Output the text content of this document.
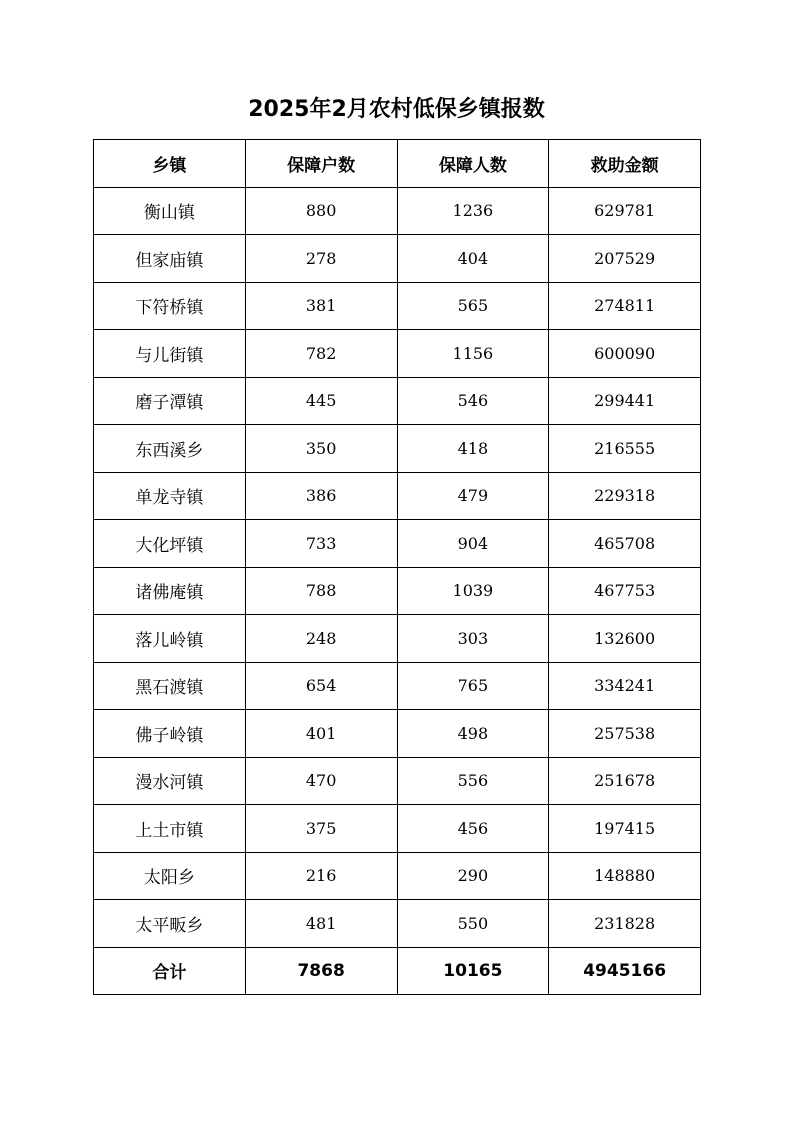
2025年2月农村低保乡镇报数
乡镇	保障户数	保障人数	救助金额
衡山镇	880	1236	629781
但家庙镇	278	404	207529
下符桥镇	381	565	274811
与儿街镇	782	1156	600090
磨子潭镇	445	546	299441
东西溪乡	350	418	216555
单龙寺镇	386	479	229318
大化坪镇	733	904	465708
诸佛庵镇	788	1039	467753
落儿岭镇	248	303	132600
黑石渡镇	654	765	334241
佛子岭镇	401	498	257538
漫水河镇	470	556	251678
上土市镇	375	456	197415
太阳乡	216	290	148880
太平畈乡	481	550	231828
合计	7868	10165	4945166
